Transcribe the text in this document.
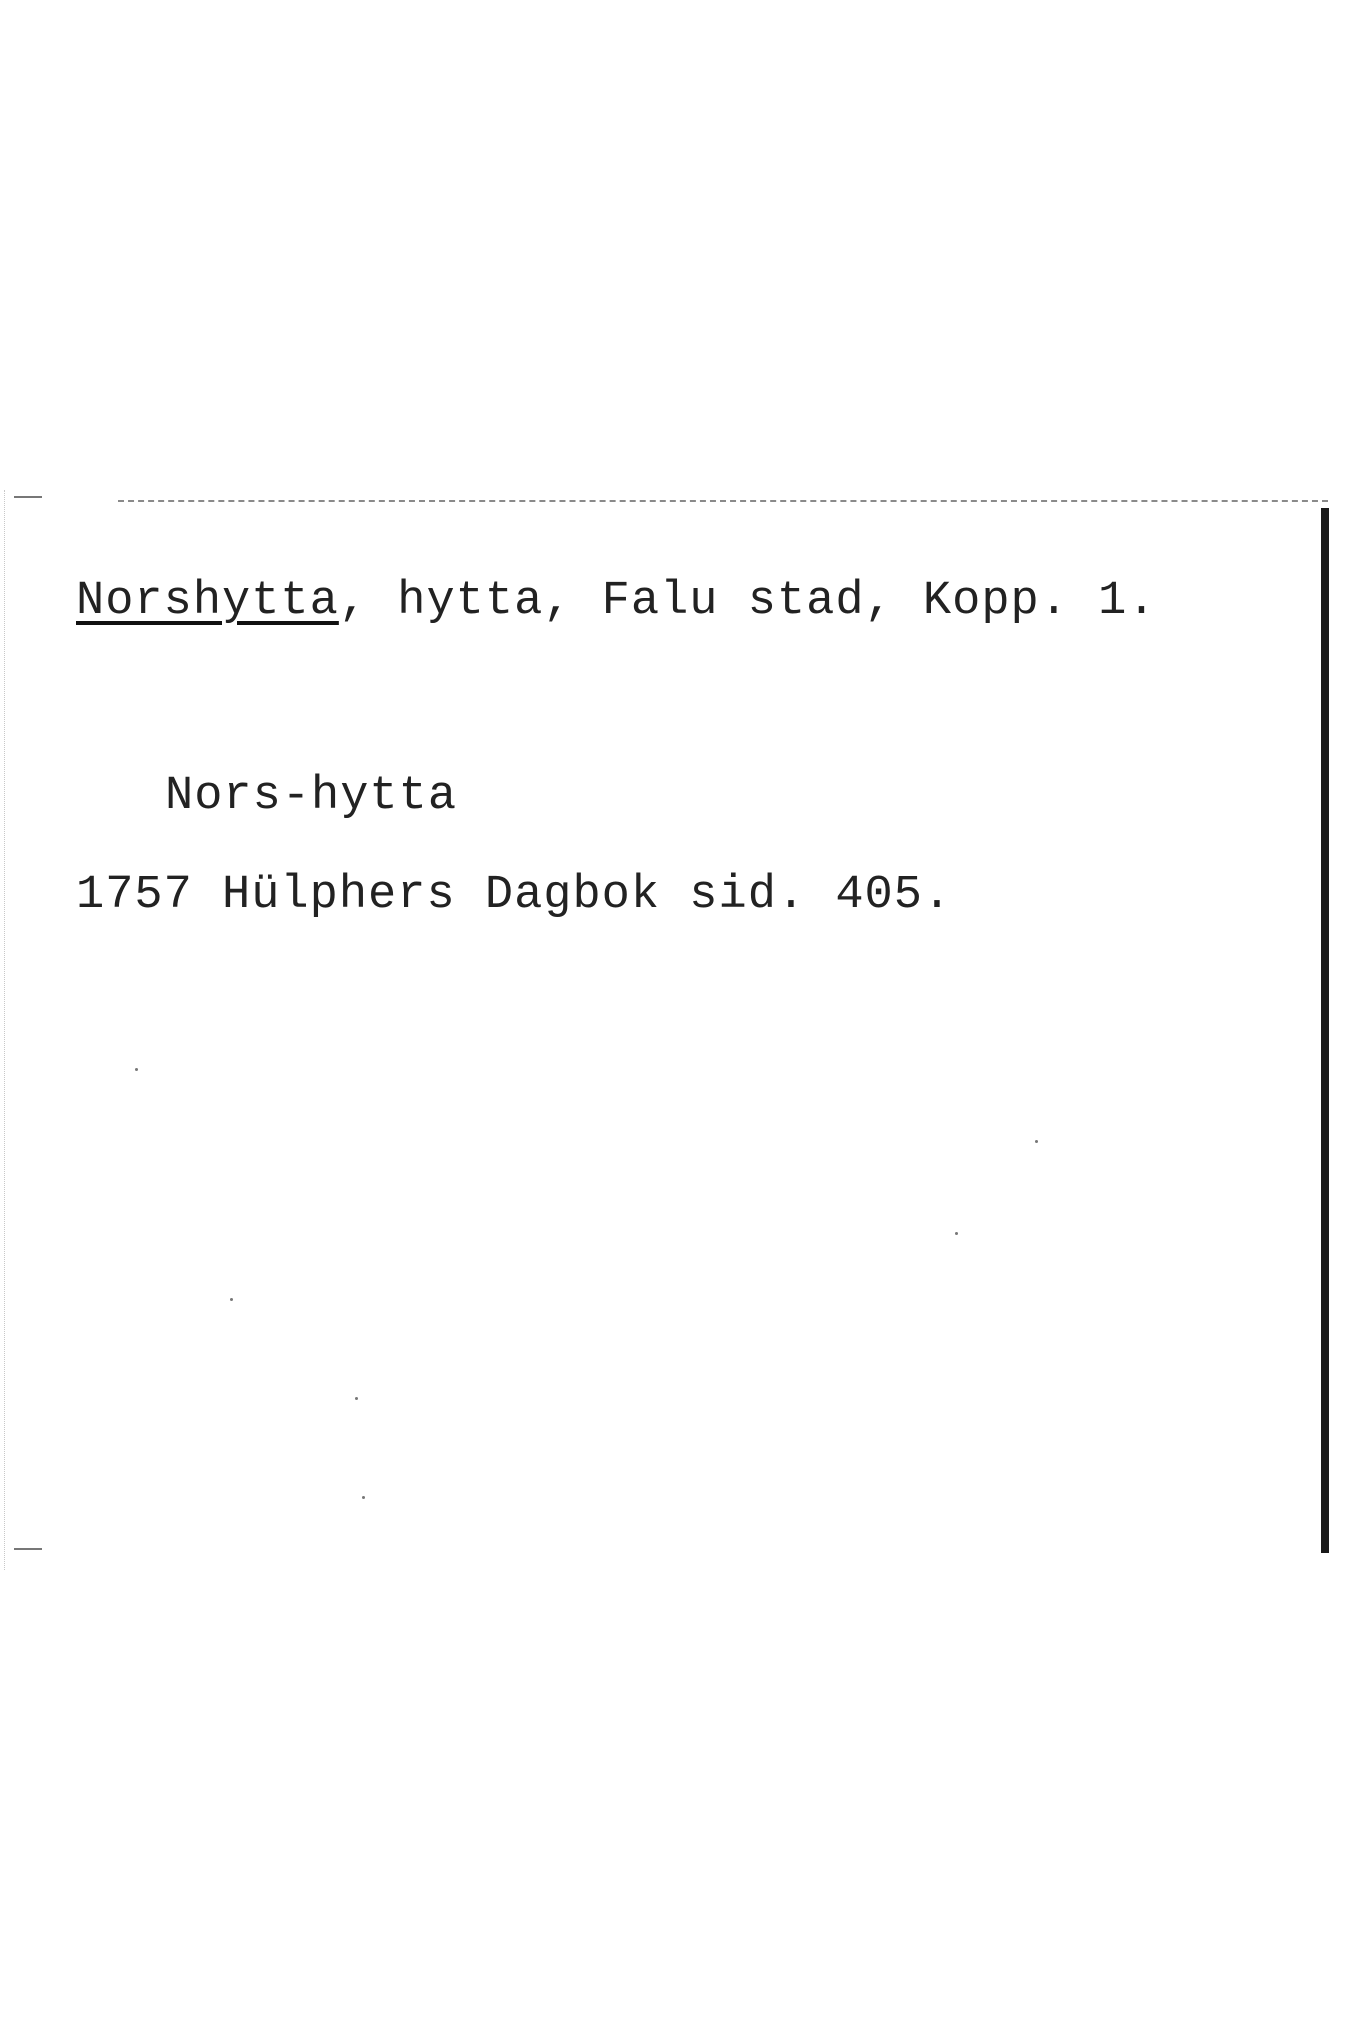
Norshytta, hytta, Falu stad, Kopp. 1.
Nors-hytta
1757 Hülphers Dagbok sid. 405.
